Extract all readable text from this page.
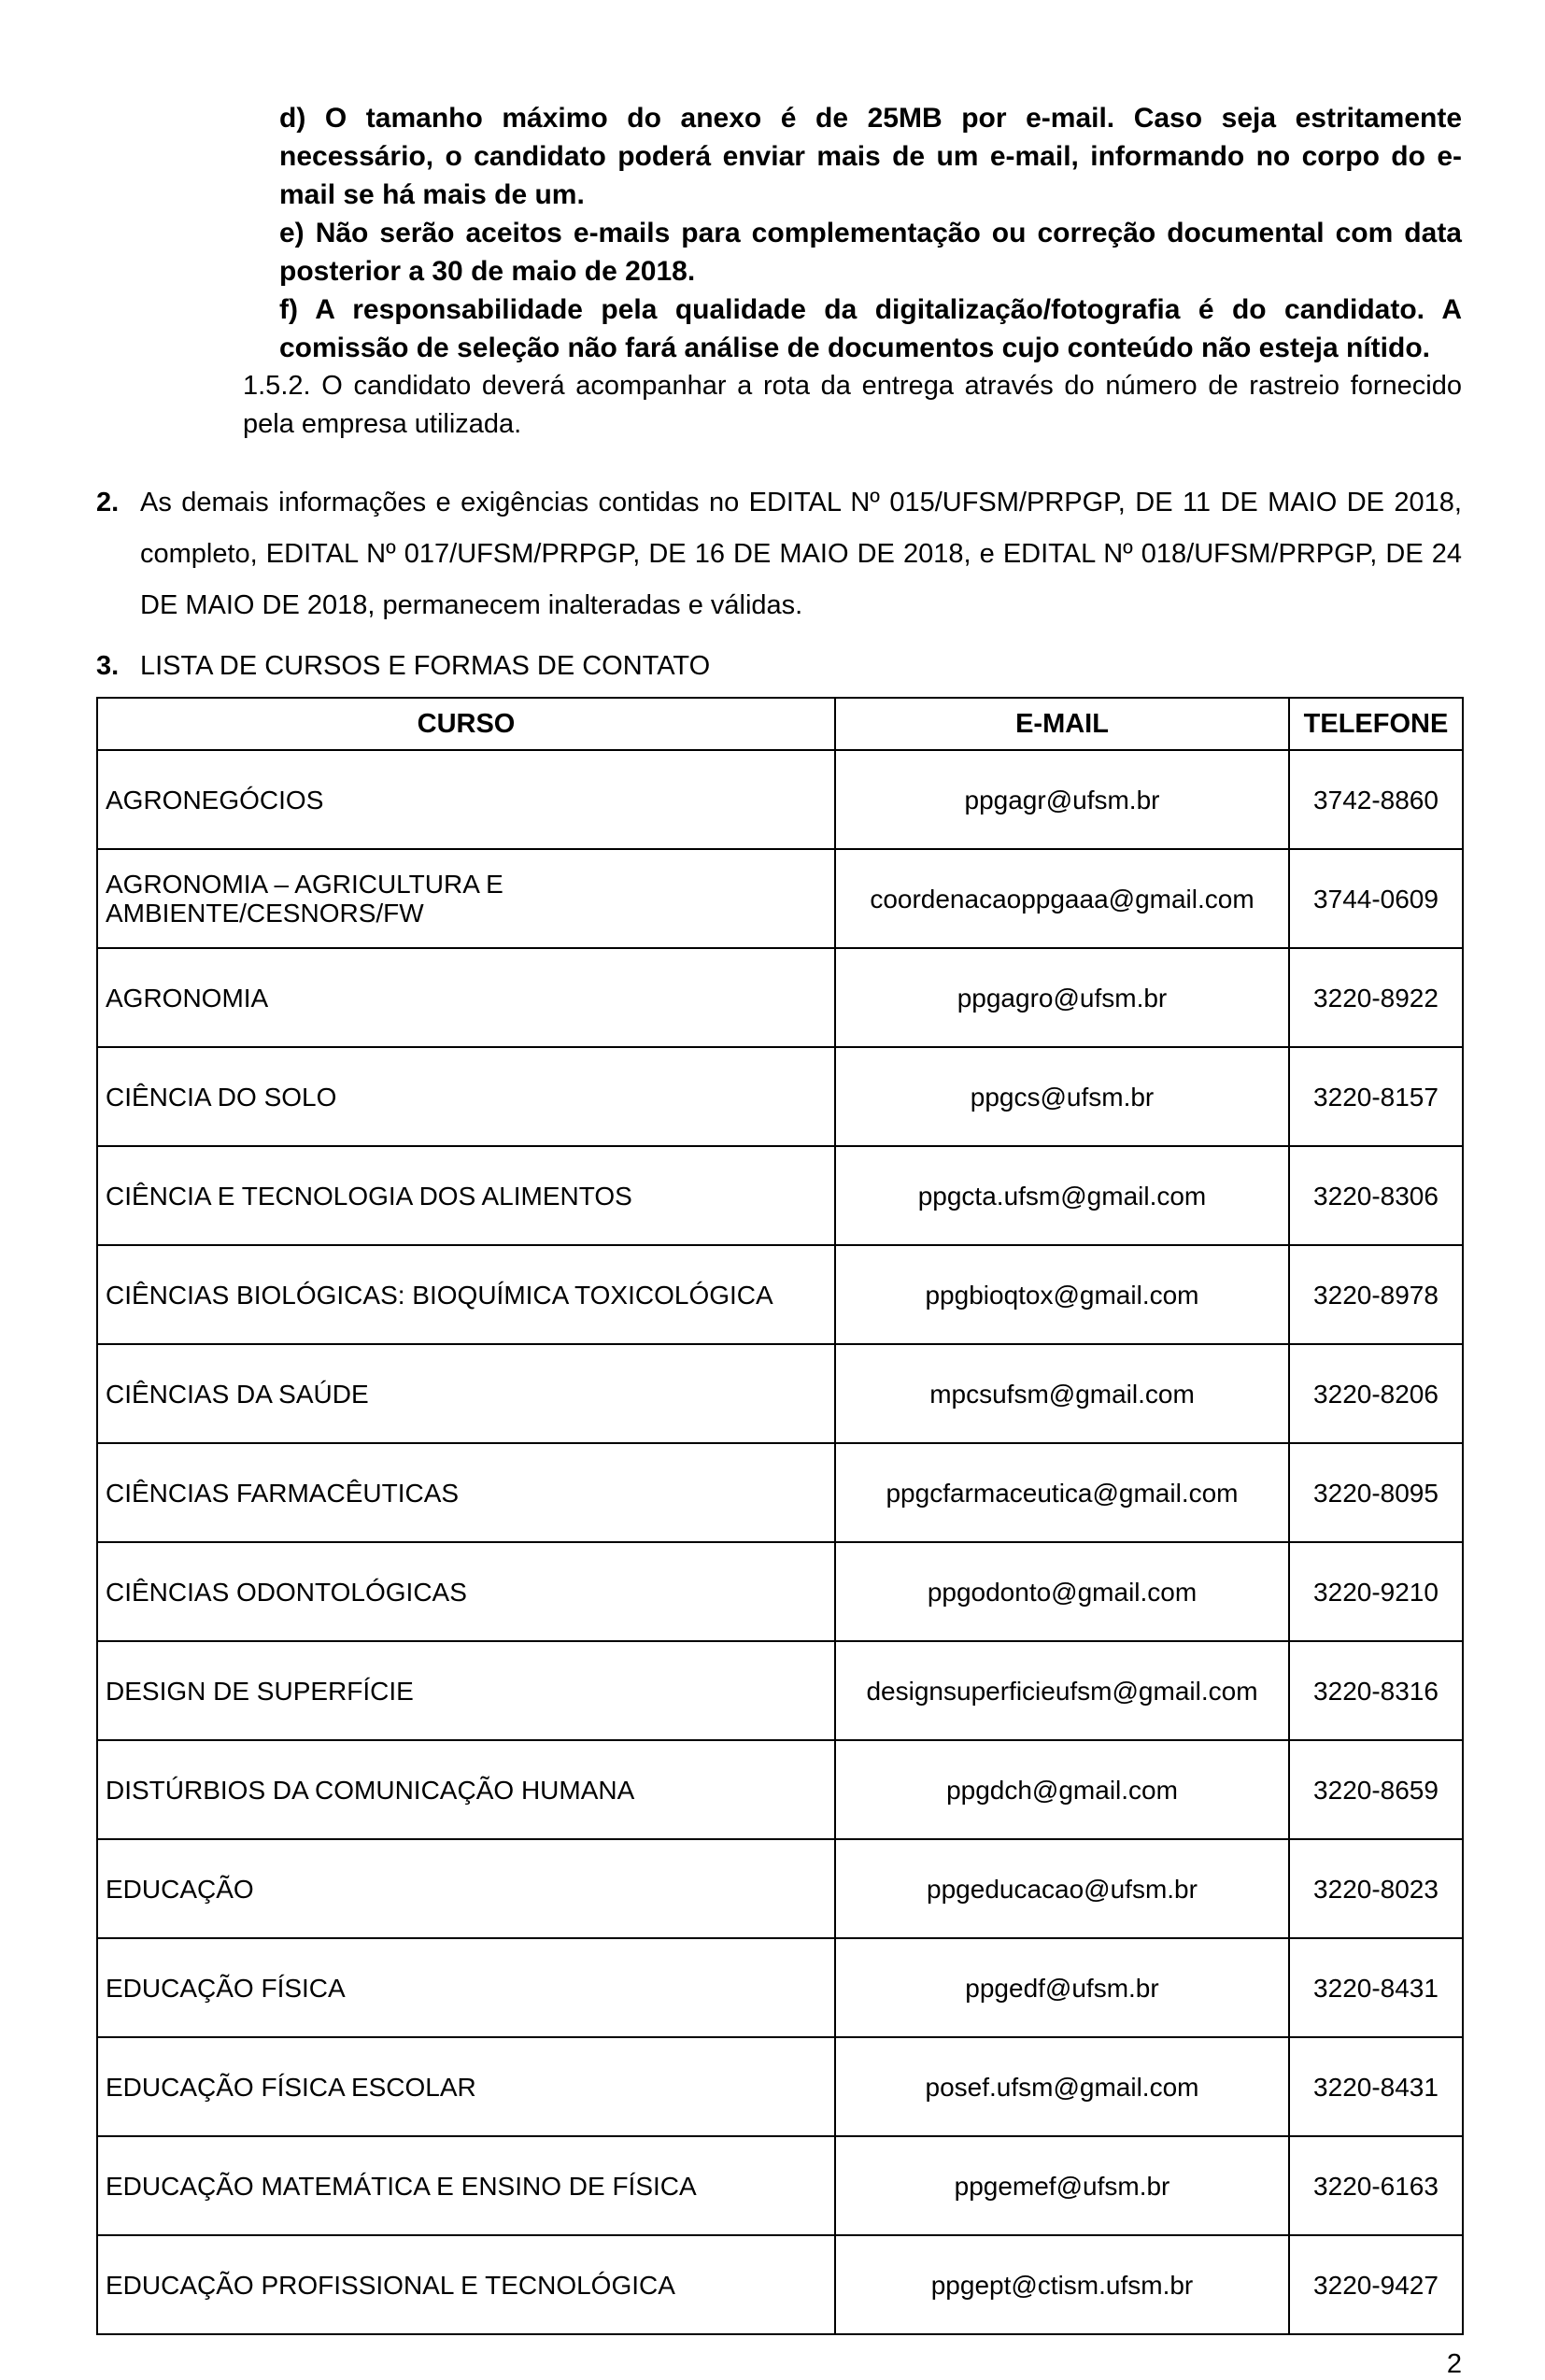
d) O tamanho máximo do anexo é de 25MB por e-mail. Caso seja estritamente necessário, o candidato poderá enviar mais de um e-mail, informando no corpo do e-mail se há mais de um.

e) Não serão aceitos e-mails para complementação ou correção documental com data posterior a 30 de maio de 2018.

f) A responsabilidade pela qualidade da digitalização/fotografia é do candidato. A comissão de seleção não fará análise de documentos cujo conteúdo não esteja nítido.

1.5.2. O candidato deverá acompanhar a rota da entrega através do número de rastreio fornecido pela empresa utilizada.

2. As demais informações e exigências contidas no EDITAL Nº 015/UFSM/PRPGP, DE 11 DE MAIO DE 2018, completo, EDITAL Nº 017/UFSM/PRPGP, DE 16 DE MAIO DE 2018, e EDITAL Nº 018/UFSM/PRPGP, DE 24 DE MAIO DE 2018, permanecem inalteradas e válidas.

3. LISTA DE CURSOS E FORMAS DE CONTATO

CURSO	E-MAIL	TELEFONE
AGRONEGÓCIOS	ppgagr@ufsm.br	3742-8860
AGRONOMIA – AGRICULTURA E AMBIENTE/CESNORS/FW	coordenacaoppgaaa@gmail.com	3744-0609
AGRONOMIA	ppgagro@ufsm.br	3220-8922
CIÊNCIA DO SOLO	ppgcs@ufsm.br	3220-8157
CIÊNCIA E TECNOLOGIA DOS ALIMENTOS	ppgcta.ufsm@gmail.com	3220-8306
CIÊNCIAS BIOLÓGICAS: BIOQUÍMICA TOXICOLÓGICA	ppgbioqtox@gmail.com	3220-8978
CIÊNCIAS DA SAÚDE	mpcsufsm@gmail.com	3220-8206
CIÊNCIAS FARMACÊUTICAS	ppgcfarmaceutica@gmail.com	3220-8095
CIÊNCIAS ODONTOLÓGICAS	ppgodonto@gmail.com	3220-9210
DESIGN DE SUPERFÍCIE	designsuperficieufsm@gmail.com	3220-8316
DISTÚRBIOS DA COMUNICAÇÃO HUMANA	ppgdch@gmail.com	3220-8659
EDUCAÇÃO	ppgeducacao@ufsm.br	3220-8023
EDUCAÇÃO FÍSICA	ppgedf@ufsm.br	3220-8431
EDUCAÇÃO FÍSICA ESCOLAR	posef.ufsm@gmail.com	3220-8431
EDUCAÇÃO MATEMÁTICA E ENSINO DE FÍSICA	ppgemef@ufsm.br	3220-6163
EDUCAÇÃO PROFISSIONAL E TECNOLÓGICA	ppgept@ctism.ufsm.br	3220-9427
2
